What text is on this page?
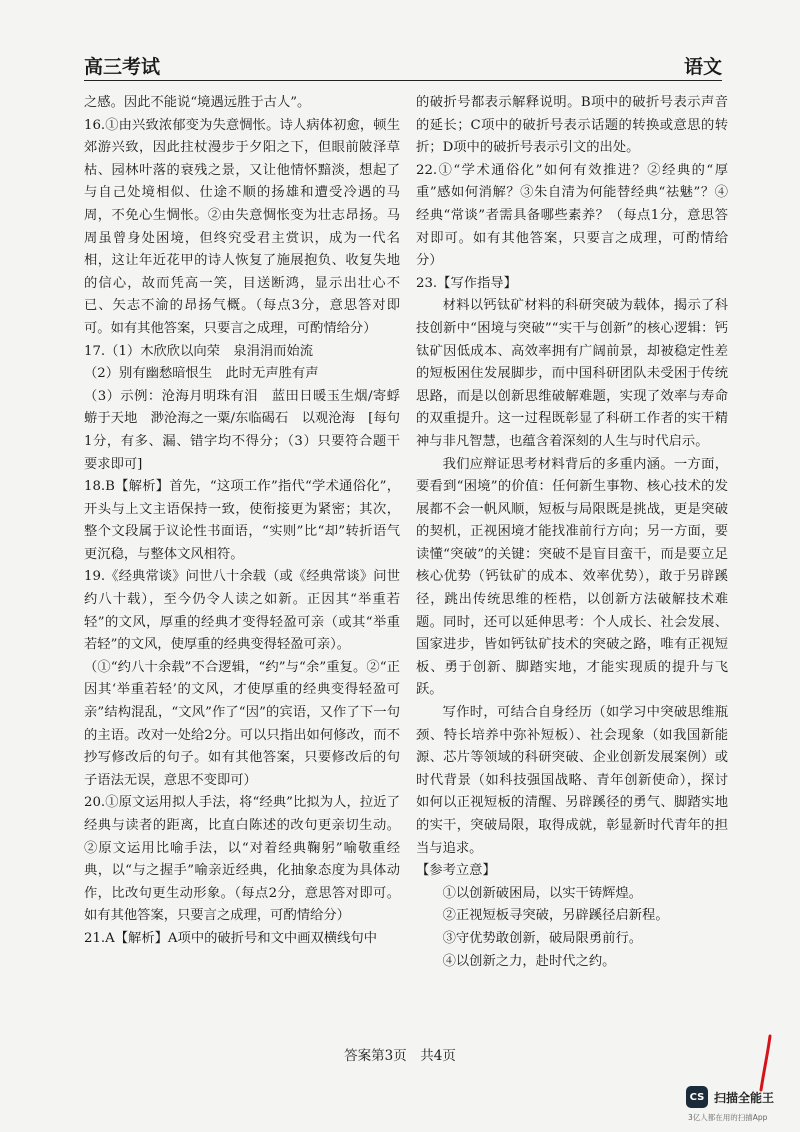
高三考试	语文

之感。因此不能说“境遇远胜于古人”。

16.①由兴致浓郁变为失意惆怅。诗人病体初愈，顿生郊游兴致，因此拄杖漫步于夕阳之下，但眼前陂泽草枯、园林叶落的衰残之景，又让他情怀黯淡，想起了与自己处境相似、仕途不顺的扬雄和遭受冷遇的马周，不免心生惆怅。②由失意惆怅变为壮志昂扬。马周虽曾身处困境，但终究受君主赏识，成为一代名相，这让年近花甲的诗人恢复了施展抱负、收复失地的信心，故而凭高一笑，目送断鸿，显示出壮心不已、矢志不渝的昂扬气概。（每点3分，意思答对即可。如有其他答案，只要言之成理，可酌情给分）

17.（1）木欣欣以向荣　泉涓涓而始流

（2）别有幽愁暗恨生　此时无声胜有声

（3）示例：沧海月明珠有泪　蓝田日暖玉生烟/寄蜉蝣于天地　渺沧海之一粟/东临碣石　以观沧海　[每句1分，有多、漏、错字均不得分；（3）只要符合题干要求即可]

18.B【解析】首先，“这项工作”指代“学术通俗化”，开头与上文主语保持一致，使衔接更为紧密；其次，整个文段属于议论性书面语，“实则”比“却”转折语气更沉稳，与整体文风相符。

19.《经典常谈》问世八十余载（或《经典常谈》问世约八十载），至今仍令人读之如新。正因其“举重若轻”的文风，厚重的经典才变得轻盈可亲（或其“举重若轻”的文风，使厚重的经典变得轻盈可亲）。

（①“约八十余载”不合逻辑，“约”与“余”重复。②“正因其‘举重若轻’的文风，才使厚重的经典变得轻盈可亲”结构混乱，“文风”作了“因”的宾语，又作了下一句的主语。改对一处给2分。可以只指出如何修改，而不抄写修改后的句子。如有其他答案，只要修改后的句子语法无误，意思不变即可）

20.①原文运用拟人手法，将“经典”比拟为人，拉近了经典与读者的距离，比直白陈述的改句更亲切生动。②原文运用比喻手法，以“对着经典鞠躬”喻敬重经典，以“与之握手”喻亲近经典，化抽象态度为具体动作，比改句更生动形象。（每点2分，意思答对即可。如有其他答案，只要言之成理，可酌情给分）

21.A【解析】A项中的破折号和文中画双横线句中

的破折号都表示解释说明。B项中的破折号表示声音的延长；C项中的破折号表示话题的转换或意思的转折；D项中的破折号表示引文的出处。

22.①“学术通俗化”如何有效推进？②经典的“厚重”感如何消解？③朱自清为何能替经典“祛魅”？④经典“常谈”者需具备哪些素养？（每点1分，意思答对即可。如有其他答案，只要言之成理，可酌情给分）

23.【写作指导】

材料以钙钛矿材料的科研突破为载体，揭示了科技创新中“困境与突破”“实干与创新”的核心逻辑：钙钛矿因低成本、高效率拥有广阔前景，却被稳定性差的短板困住发展脚步，而中国科研团队未受困于传统思路，而是以创新思维破解难题，实现了效率与寿命的双重提升。这一过程既彰显了科研工作者的实干精神与非凡智慧，也蕴含着深刻的人生与时代启示。

我们应辩证思考材料背后的多重内涵。一方面，要看到“困境”的价值：任何新生事物、核心技术的发展都不会一帆风顺，短板与局限既是挑战，更是突破的契机，正视困境才能找准前行方向；另一方面，要读懂“突破”的关键：突破不是盲目蛮干，而是要立足核心优势（钙钛矿的成本、效率优势），敢于另辟蹊径，跳出传统思维的桎梏，以创新方法破解技术难题。同时，还可以延伸思考：个人成长、社会发展、国家进步，皆如钙钛矿技术的突破之路，唯有正视短板、勇于创新、脚踏实地，才能实现质的提升与飞跃。

写作时，可结合自身经历（如学习中突破思维瓶颈、特长培养中弥补短板）、社会现象（如我国新能源、芯片等领域的科研突破、企业创新发展案例）或时代背景（如科技强国战略、青年创新使命），探讨如何以正视短板的清醒、另辟蹊径的勇气、脚踏实地的实干，突破局限，取得成就，彰显新时代青年的担当与追求。

【参考立意】

①以创新破困局，以实干铸辉煌。

②正视短板寻突破，另辟蹊径启新程。

③守优势敢创新，破局限勇前行。

④以创新之力，赴时代之约。

答案第3页　共4页
CS 扫描全能王
3亿人都在用的扫描App
